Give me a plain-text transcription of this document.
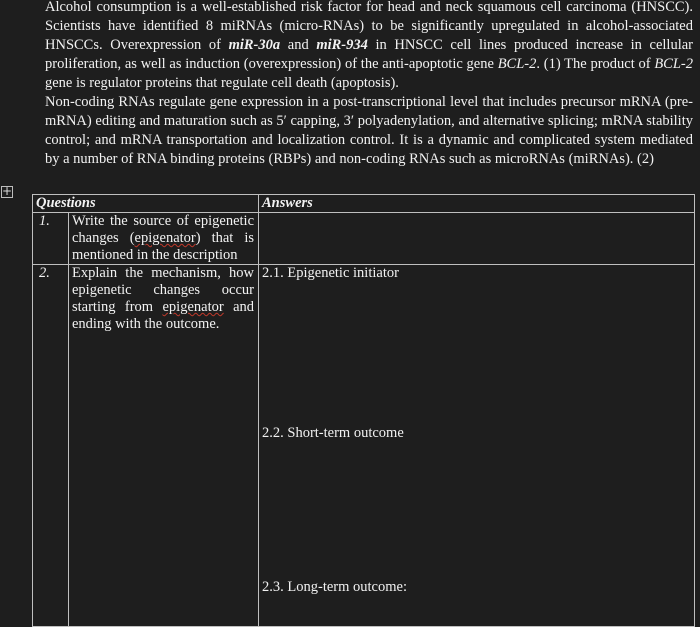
Alcohol consumption is a well-established risk factor for head and neck squamous cell carcinoma (HNSCC). Scientists have identified 8 miRNAs (micro-RNAs) to be significantly upregulated in alcohol-associated HNSCCs. Overexpression of miR-30a and miR-934 in HNSCC cell lines produced increase in cellular proliferation, as well as induction (overexpression) of the anti-apoptotic gene BCL-2. (1) The product of BCL-2 gene is regulator proteins that regulate cell death (apoptosis).

Non-coding RNAs regulate gene expression in a post-transcriptional level that includes precursor mRNA (pre-mRNA) editing and maturation such as 5′ capping, 3′ polyadenylation, and alternative splicing; mRNA stability control; and mRNA transportation and localization control. It is a dynamic and complicated system mediated by a number of RNA binding proteins (RBPs) and non-coding RNAs such as microRNAs (miRNAs). (2)

+
Questions		Answers
1.	Write the source of epigenetic changes (epigenator) that is mentioned in the description	
2.	Explain the mechanism, how epigenetic changes occur starting from epigenator and ending with the outcome.	2.1. Epigenetic initiator
2.2. Short-term outcome
2.3. Long-term outcome:
